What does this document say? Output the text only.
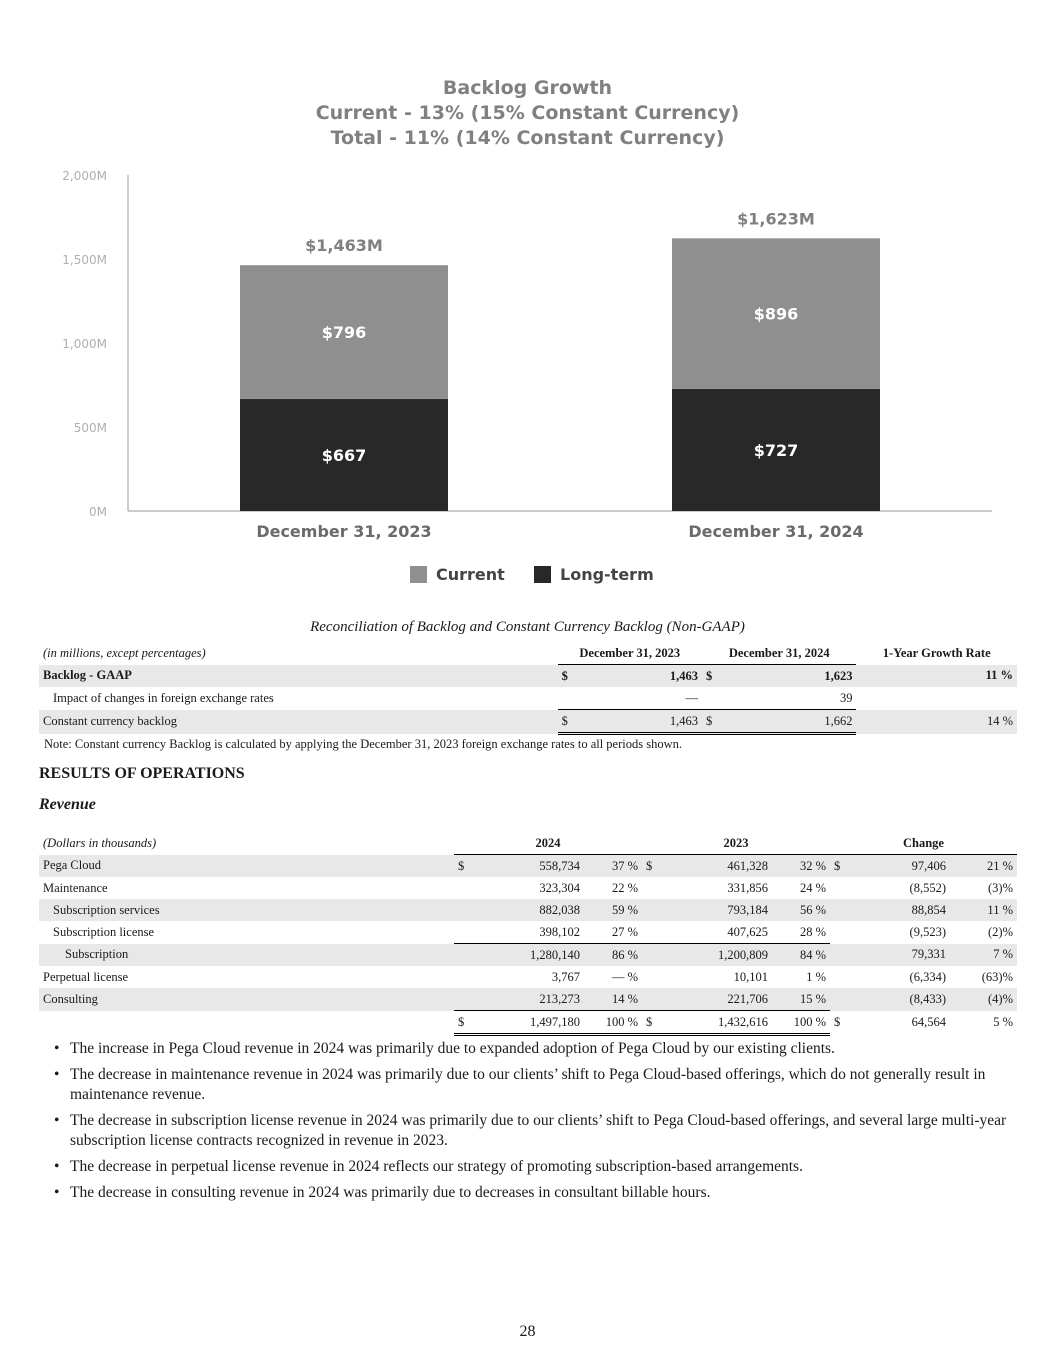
Backlog Growth
Current - 13% (15% Constant Currency)
Total - 11% (14% Constant Currency)
0M
500M
1,000M
1,500M
2,000M
$667
$796
$1,463M
December 31, 2023
$727
$896
$1,623M
December 31, 2024
Current	Long-term
Reconciliation of Backlog and Constant Currency Backlog (Non-GAAP)
(in millions, except percentages)	December 31, 2023		December 31, 2024		1-Year Growth Rate
Backlog - GAAP	$	1,463	$	1,623	11 %
Impact of changes in foreign exchange rates		—		39	
Constant currency backlog	$	1,463	$	1,662	14 %
Note: Constant currency Backlog is calculated by applying the December 31, 2023 foreign exchange rates to all periods shown.
RESULTS OF OPERATIONS
Revenue
(Dollars in thousands)	2024			2023			Change		
Pega Cloud	$	558,734	37 %	$	461,328	32 %	$	97,406	21 %
Maintenance		323,304	22 %		331,856	24 %		(8,552)	(3)%
Subscription services		882,038	59 %		793,184	56 %		88,854	11 %
Subscription license		398,102	27 %		407,625	28 %		(9,523)	(2)%
Subscription		1,280,140	86 %		1,200,809	84 %		79,331	7 %
Perpetual license		3,767	— %		10,101	1 %		(6,334)	(63)%
Consulting		213,273	14 %		221,706	15 %		(8,433)	(4)%
	$	1,497,180	100 %	$	1,432,616	100 %	$	64,564	5 %
• The increase in Pega Cloud revenue in 2024 was primarily due to expanded adoption of Pega Cloud by our existing clients.
• The decrease in maintenance revenue in 2024 was primarily due to our clients’ shift to Pega Cloud-based offerings, which do not generally result in maintenance revenue.
• The decrease in subscription license revenue in 2024 was primarily due to our clients’ shift to Pega Cloud-based offerings, and several large multi-year subscription license contracts recognized in revenue in 2023.
• The decrease in perpetual license revenue in 2024 reflects our strategy of promoting subscription-based arrangements.
• The decrease in consulting revenue in 2024 was primarily due to decreases in consultant billable hours.
28
